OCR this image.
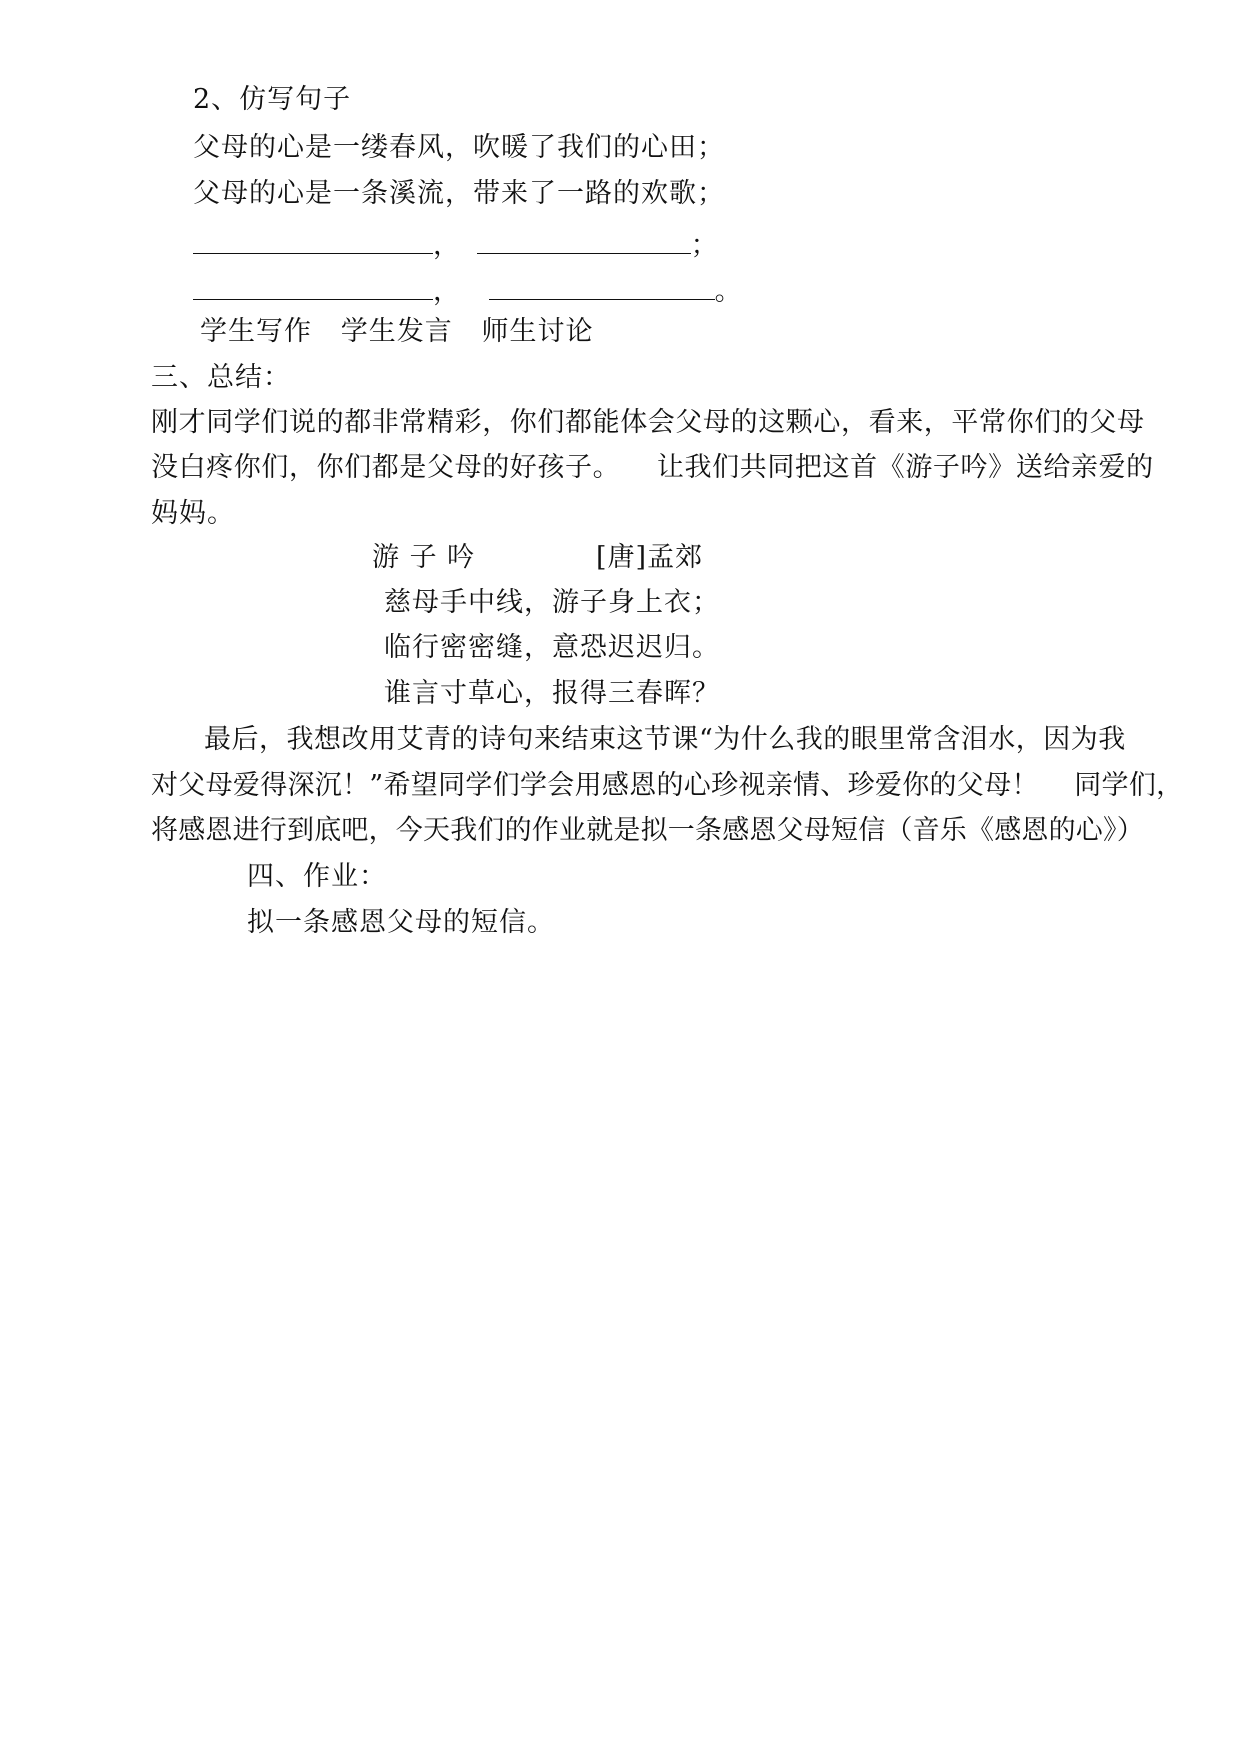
2、仿写句子
父母的心是一缕春风，吹暖了我们的心田；
父母的心是一条溪流，带来了一路的欢歌；
，	；
，	。
学生写作   学生发言   师生讨论
三、总结：
刚才同学们说的都非常精彩，你们都能体会父母的这颗心，看来，平常你们的父母
没白疼你们，你们都是父母的好孩子。    让我们共同把这首《游子吟》送给亲爱的
妈妈。
游 子 吟	[唐]孟郊
慈母手中线，游子身上衣；
临行密密缝，意恐迟迟归。
谁言寸草心，报得三春晖？
最后，我想改用艾青的诗句来结束这节课“为什么我的眼里常含泪水，因为我
对父母爱得深沉！”希望同学们学会用感恩的心珍视亲情、珍爱你的父母！    同学们，
将感恩进行到底吧，今天我们的作业就是拟一条感恩父母短信（音乐《感恩的心》）
四、作业：
拟一条感恩父母的短信。
